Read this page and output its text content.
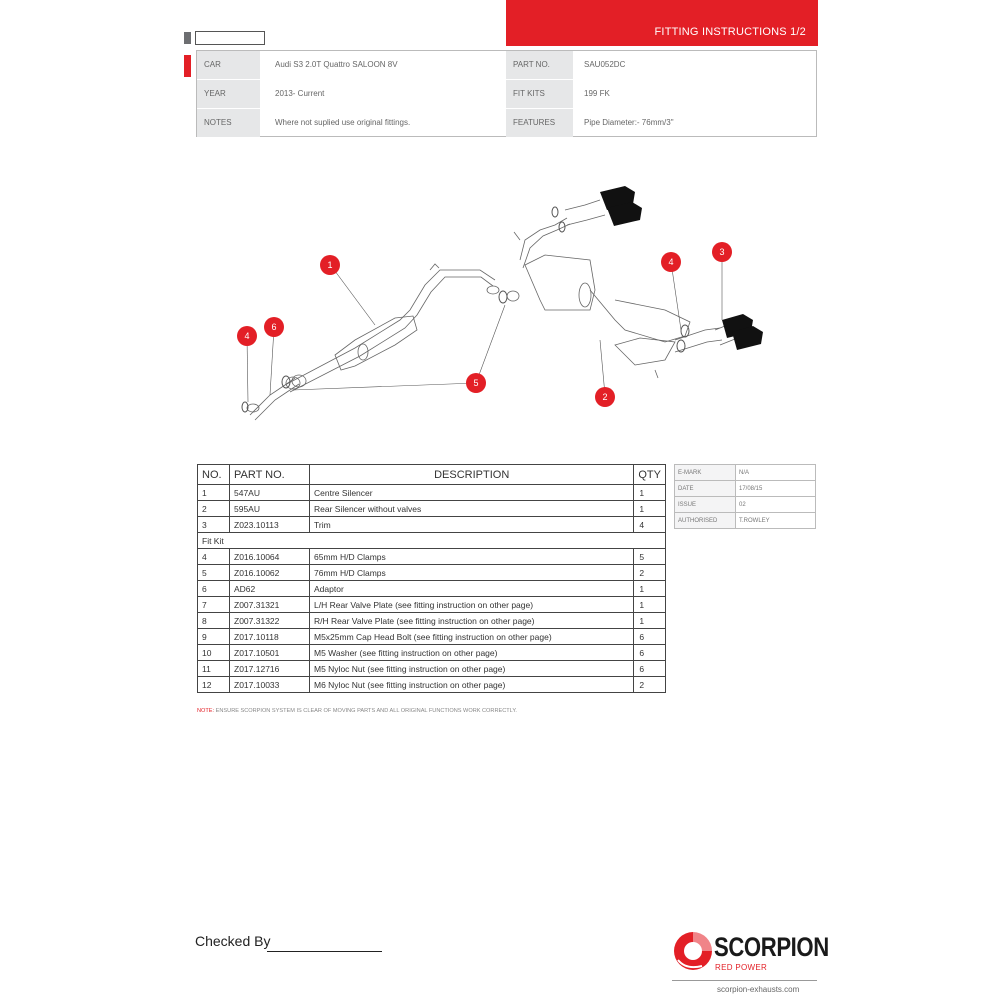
FITTING INSTRUCTIONS 1/2
CAR	Audi S3 2.0T Quattro SALOON 8V	PART NO.	SAU052DC
YEAR	2013- Current	FIT KITS	199 FK
NOTES	Where not suplied use original fittings.	FEATURES	Pipe Diameter:- 76mm/3"
1
2
3
4
4
5
6
NO.	PART NO.	DESCRIPTION	QTY
1	547AU	Centre Silencer	1
2	595AU	Rear Silencer without valves	1
3	Z023.10113	Trim	4
Fit Kit			
4	Z016.10064	65mm H/D Clamps	5
5	Z016.10062	76mm H/D Clamps	2
6	AD62	Adaptor	1
7	Z007.31321	L/H Rear Valve Plate (see fitting instruction on other page)	1
8	Z007.31322	R/H Rear Valve Plate (see fitting instruction on other page)	1
9	Z017.10118	M5x25mm Cap Head Bolt (see fitting instruction on other page)	6
10	Z017.10501	M5 Washer (see fitting instruction on other page)	6
11	Z017.12716	M5 Nyloc Nut (see fitting instruction on other page)	6
12	Z017.10033	M6 Nyloc Nut (see fitting instruction on other page)	2
NOTE: ENSURE SCORPION SYSTEM IS CLEAR OF MOVING PARTS AND ALL ORIGINAL FUNCTIONS WORK CORRECTLY.
E-MARK	N/A
DATE	17/08/15
ISSUE	02
AUTHORISED	T.ROWLEY
Checked By	SCORPION
RED POWER
scorpion-exhausts.com
